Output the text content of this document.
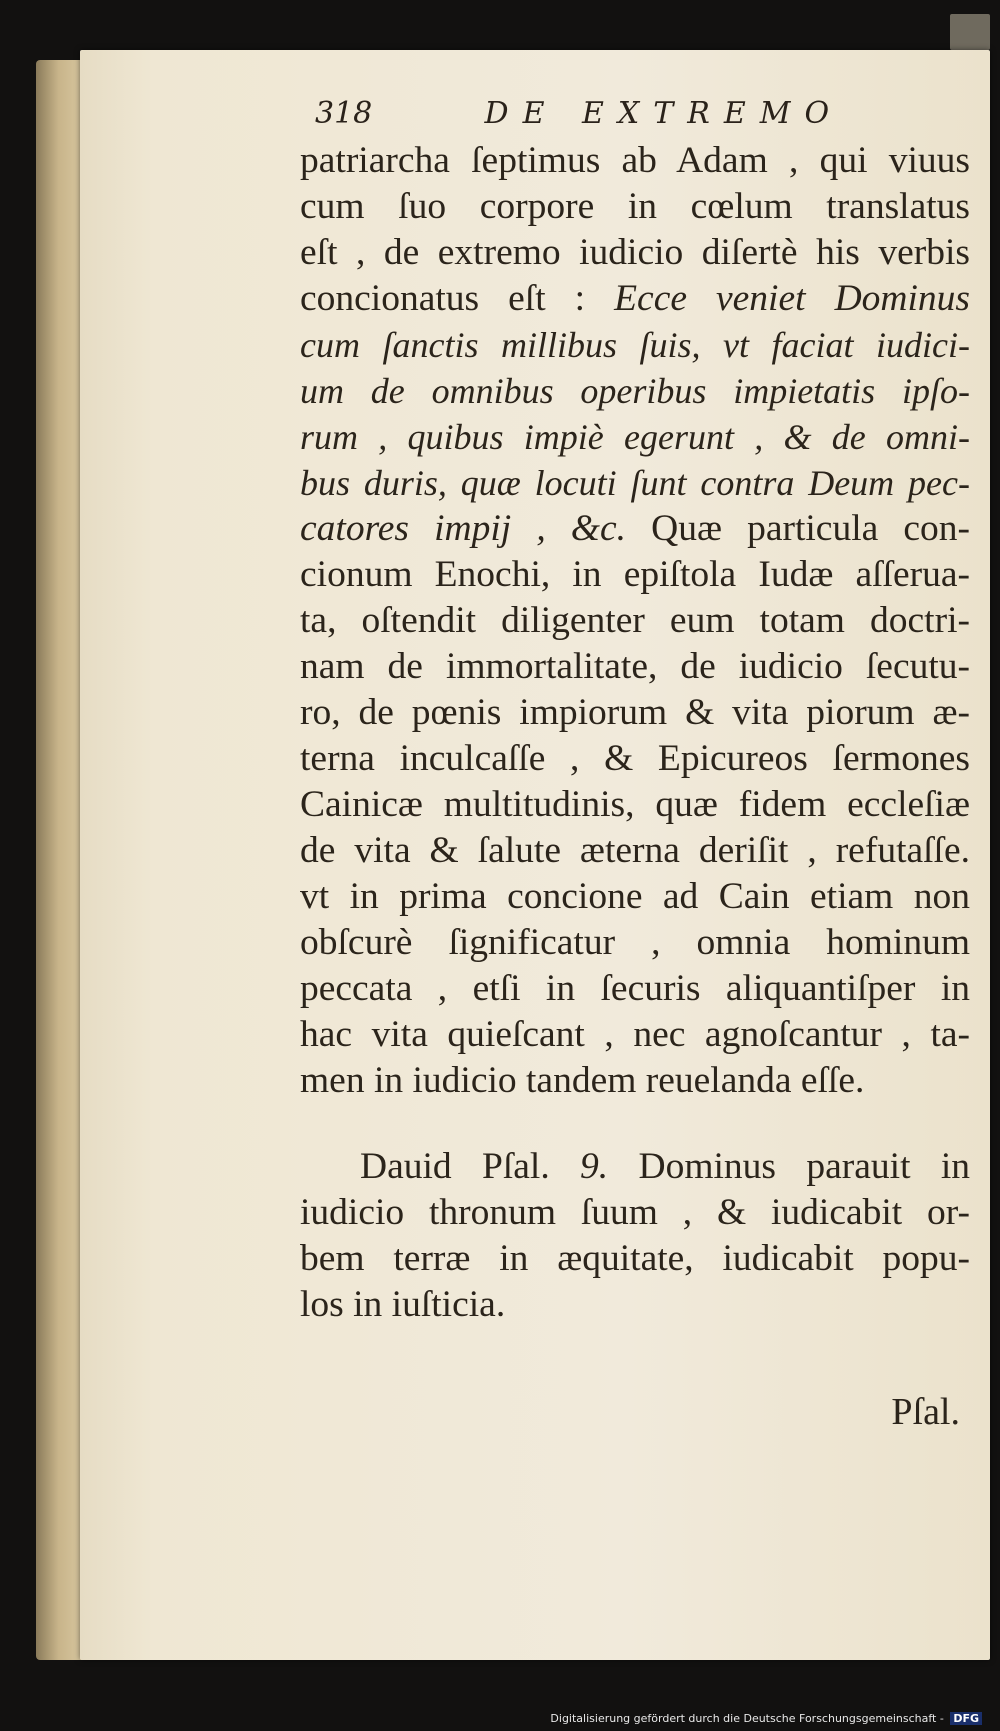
318	DE EXTREMO
patriarcha ſeptimus ab Adam , qui viuus
cum ſuo corpore in cœlum translatus
eſt , de extremo iudicio diſertè his verbis
concionatus eſt : Ecce veniet Dominus
cum ſanctis millibus ſuis, vt faciat iudici-
um de omnibus operibus impietatis ipſo-
rum , quibus impiè egerunt , & de omni-
bus duris, quæ locuti ſunt contra Deum pec-
catores impij , &c. Quæ particula con-
cionum Enochi, in epiſtola Iudæ aſſerua-
ta, oſtendit diligenter eum totam doctri-
nam de immortalitate, de iudicio ſecutu-
ro, de pœnis impiorum & vita piorum æ-
terna inculcaſſe , & Epicureos ſermones
Cainicæ multitudinis, quæ fidem eccleſiæ
de vita & ſalute æterna deriſit , refutaſſe.
vt in prima concione ad Cain etiam non
obſcurè ſignificatur , omnia hominum
peccata , etſi in ſecuris aliquantiſper in
hac vita quieſcant , nec agnoſcantur , ta-
men in iudicio tandem reuelanda eſſe.
Dauid Pſal. 9. Dominus parauit in
iudicio thronum ſuum , & iudicabit or-
bem terræ in æquitate, iudicabit popu-
los in iuſticia.
Pſal.
Digitalisierung gefördert durch die Deutsche Forschungsgemeinschaft - DFG
